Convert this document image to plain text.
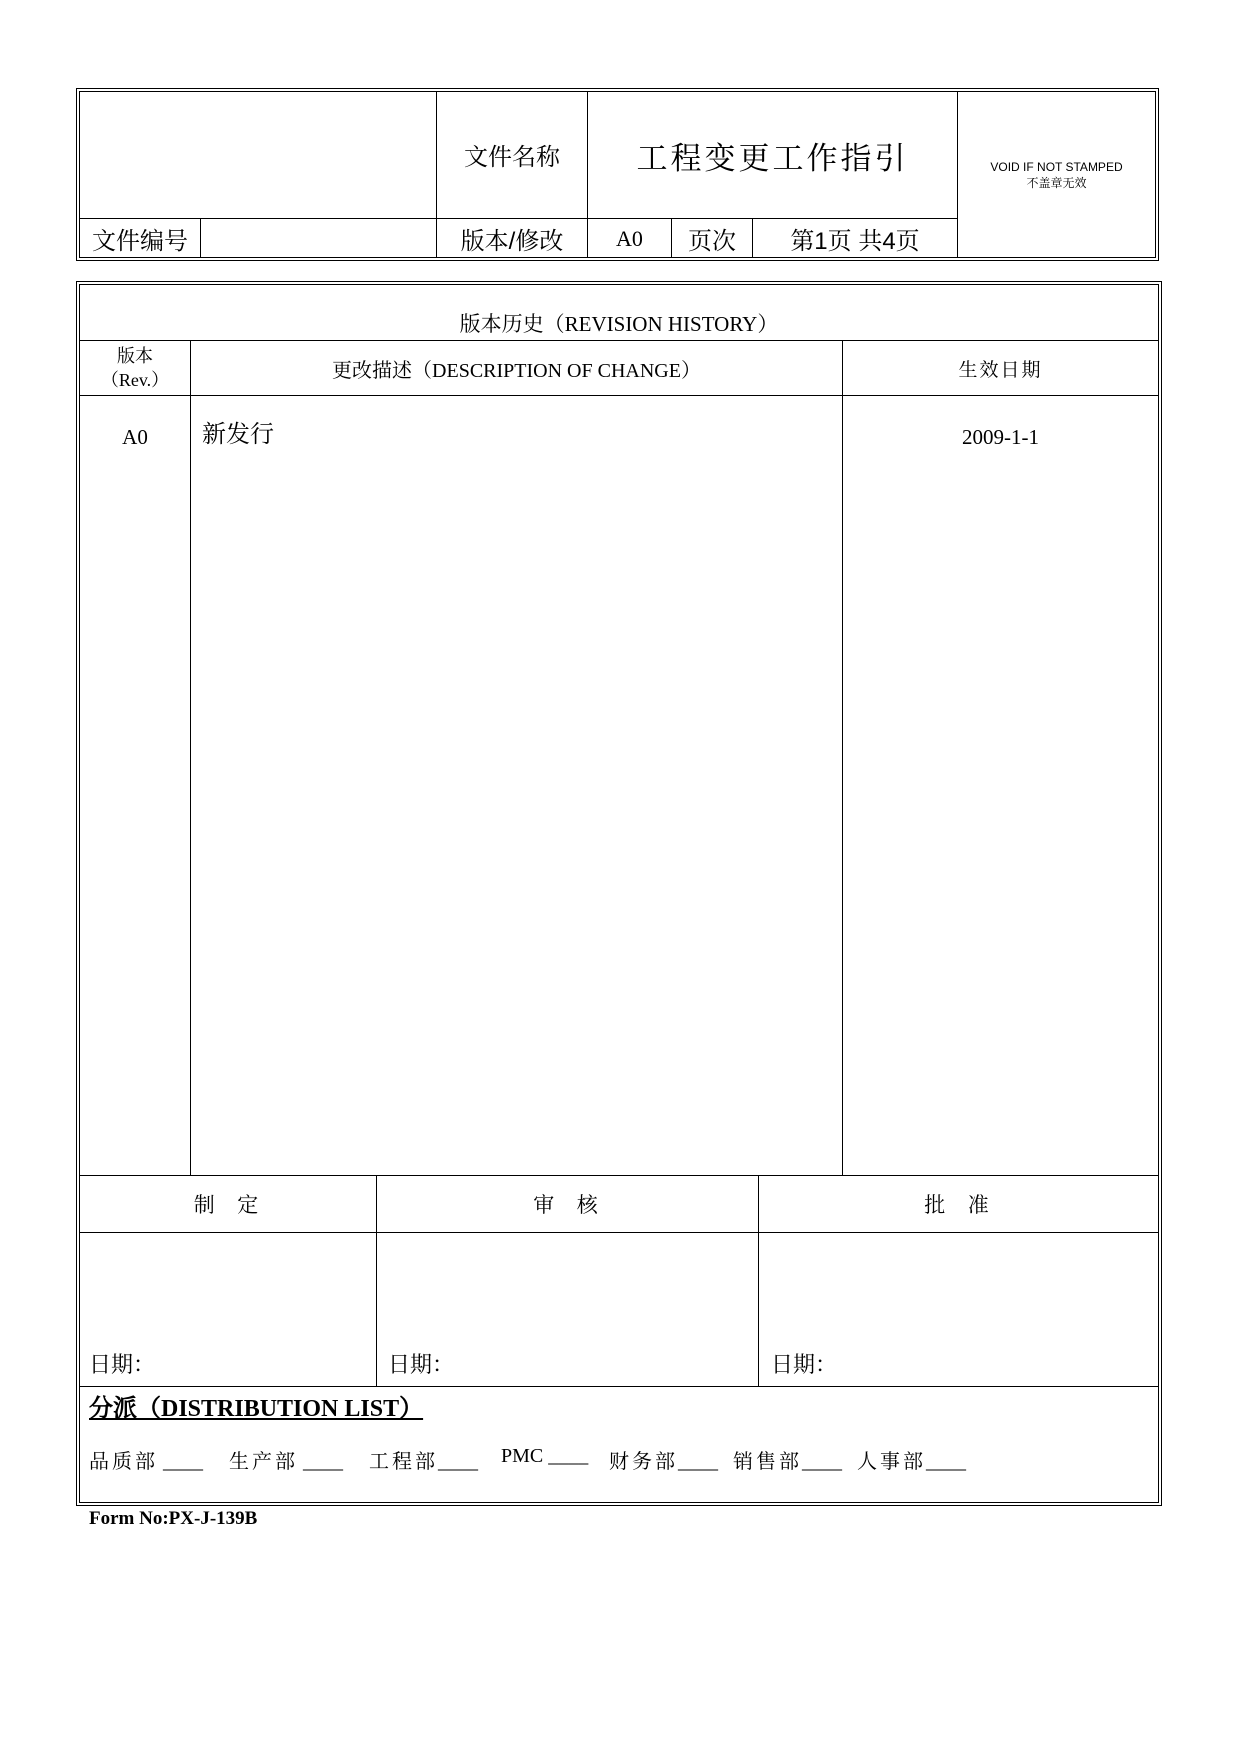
文件名称	工程变更工作指引	VOID IF NOT STAMPED
不盖章无效
文件编号	版本/修改	A0	页次	第1页 共4页
版本历史（REVISION HISTORY）
版本
（Rev.）	更改描述（DESCRIPTION OF CHANGE）	生效日期
A0	新发行	2009-1-1
制  定	审  核	批  准
日期：	日期：	日期：
分派（DISTRIBUTION LIST）
品质部 ____	生产部 ____	工程部____	PMC ____	财务部____ 销售部____ 人事部____
Form No:PX-J-139B
